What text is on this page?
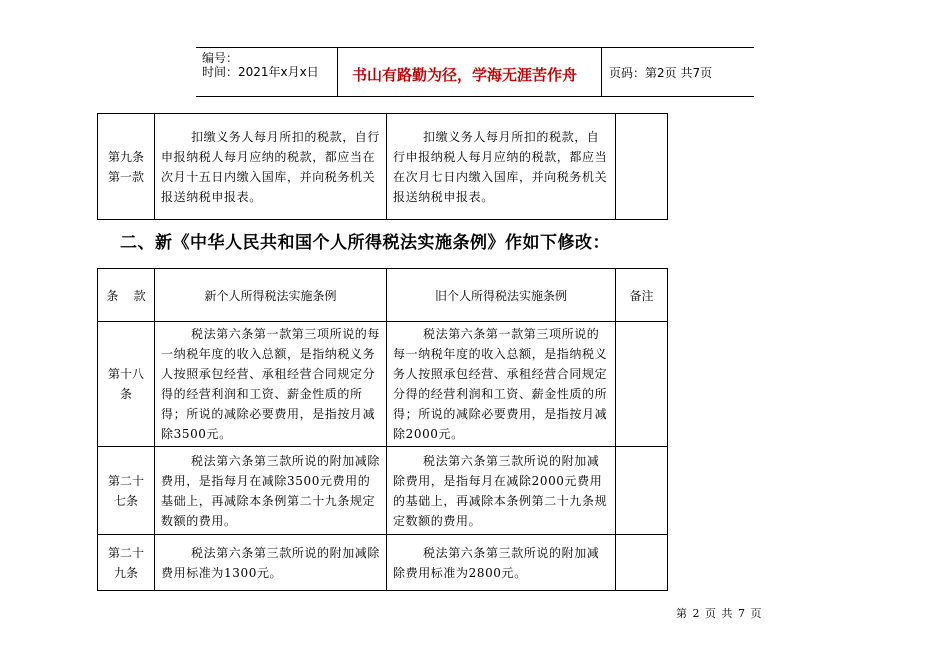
编号：
时间：2021年x月x日 书山有路勤为径，学海无涯苦作舟	页码：第2页 共7页
第九条
第一款	扣缴义务人每月所扣的税款，自行申报纳税人每月应纳的税款，都应当在次月十五日内缴入国库，并向税务机关报送纳税申报表。	扣缴义务人每月所扣的税款，自行申报纳税人每月应纳的税款，都应当在次月七日内缴入国库，并向税务机关报送纳税申报表。	
二、新《中华人民共和国个人所得税法实施条例》作如下修改：
条    款	新个人所得税法实施条例	旧个人所得税法实施条例	备注
第十八
条	税法第六条第一款第三项所说的每一纳税年度的收入总额，是指纳税义务人按照承包经营、承租经营合同规定分得的经营利润和工资、薪金性质的所得；所说的减除必要费用，是指按月减除3500元。	税法第六条第一款第三项所说的每一纳税年度的收入总额，是指纳税义务人按照承包经营、承租经营合同规定分得的经营利润和工资、薪金性质的所得；所说的减除必要费用，是指按月减除2000元。	
第二十
七条	税法第六条第三款所说的附加减除费用，是指每月在减除3500元费用的基础上，再减除本条例第二十九条规定数额的费用。	税法第六条第三款所说的附加减除费用，是指每月在减除2000元费用的基础上，再减除本条例第二十九条规定数额的费用。	
第二十
九条	税法第六条第三款所说的附加减除费用标准为1300元。	税法第六条第三款所说的附加减除费用标准为2800元。	
第 2 页 共 7 页
